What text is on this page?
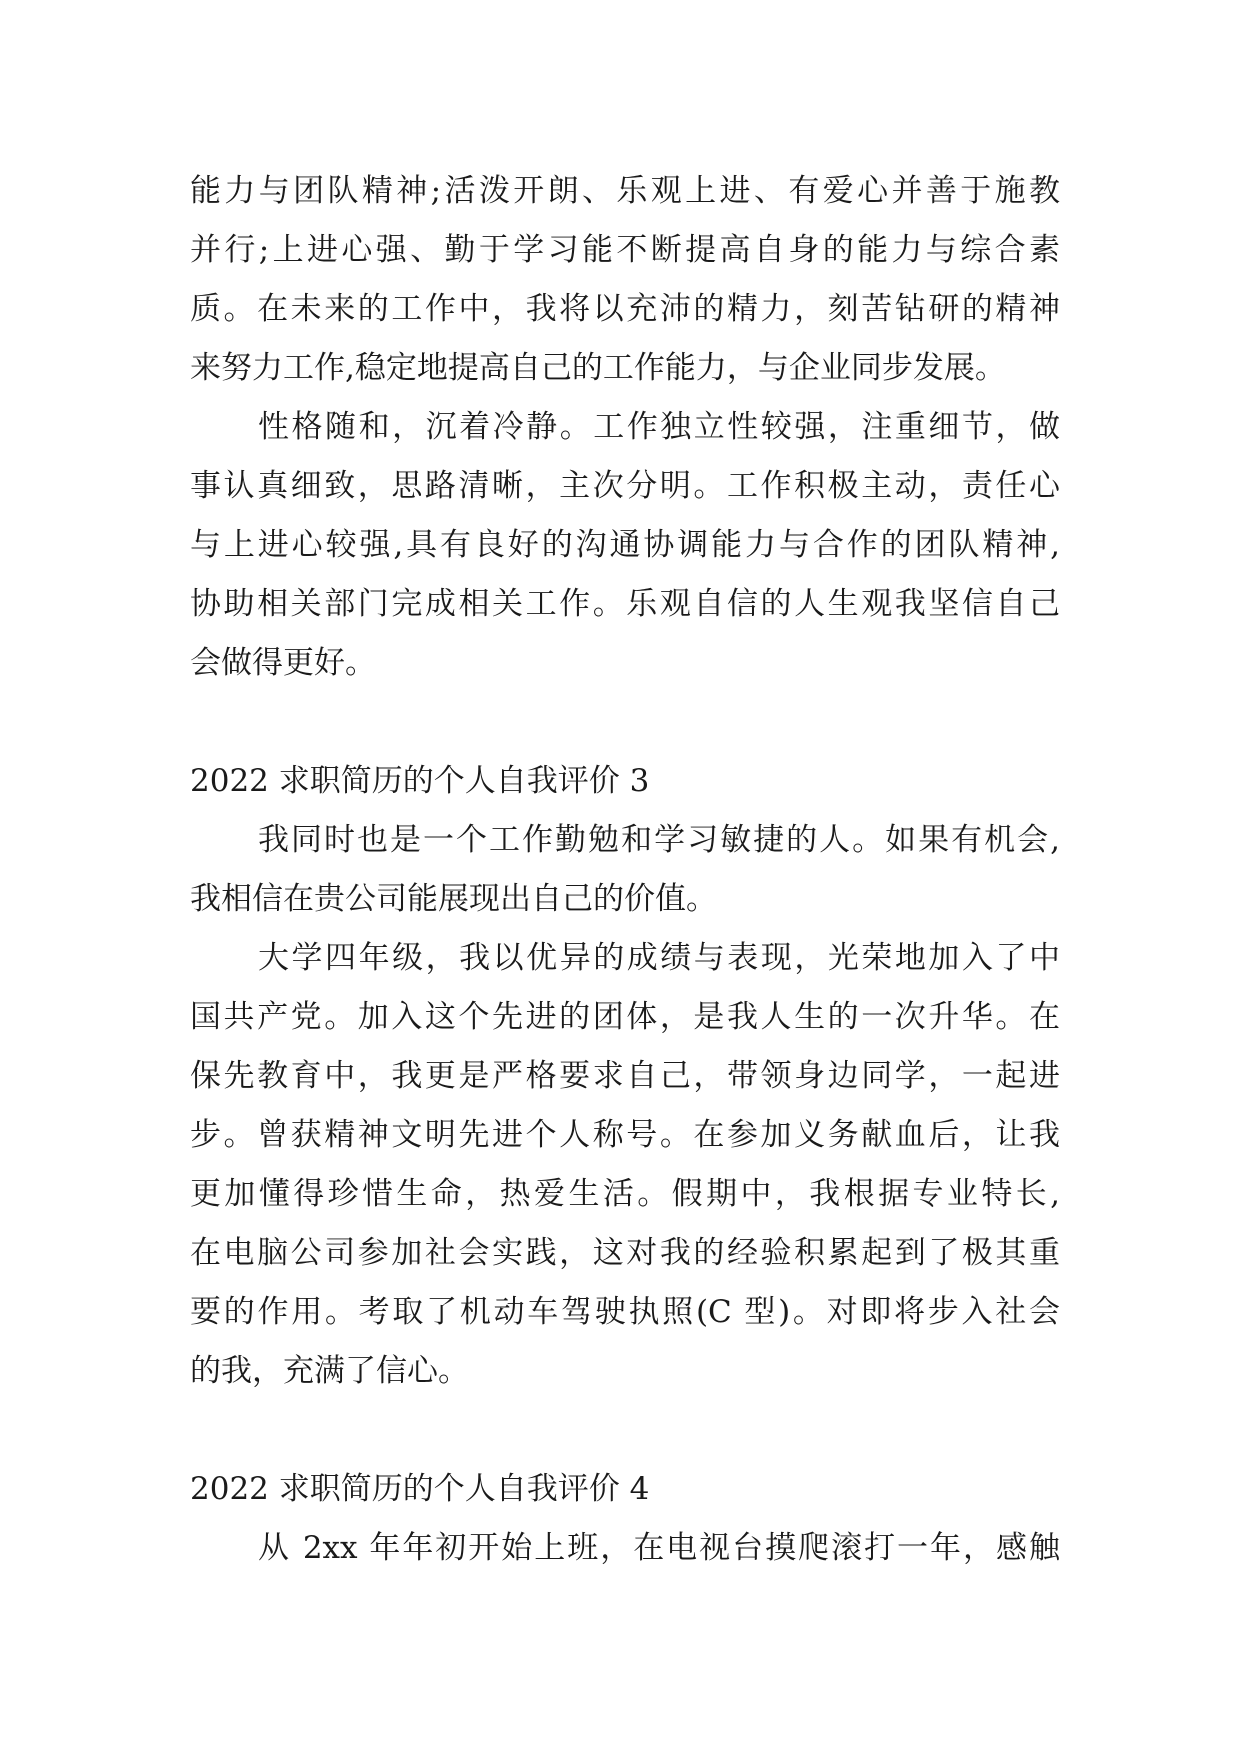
能力与团队精神;活泼开朗、乐观上进、有爱心并善于施教
并行;上进心强、勤于学习能不断提高自身的能力与综合素
质。在未来的工作中，我将以充沛的精力，刻苦钻研的精神
来努力工作,稳定地提高自己的工作能力，与企业同步发展。
性格随和，沉着冷静。工作独立性较强，注重细节，做
事认真细致，思路清晰，主次分明。工作积极主动，责任心
与上进心较强,具有良好的沟通协调能力与合作的团队精神,
协助相关部门完成相关工作。乐观自信的人生观我坚信自己
会做得更好。
2022 求职简历的个人自我评价 3
我同时也是一个工作勤勉和学习敏捷的人。如果有机会,
我相信在贵公司能展现出自己的价值。
大学四年级，我以优异的成绩与表现，光荣地加入了中
国共产党。加入这个先进的团体，是我人生的一次升华。在
保先教育中，我更是严格要求自己，带领身边同学，一起进
步。曾获精神文明先进个人称号。在参加义务献血后，让我
更加懂得珍惜生命，热爱生活。假期中，我根据专业特长,
在电脑公司参加社会实践，这对我的经验积累起到了极其重
要的作用。考取了机动车驾驶执照(C 型)。对即将步入社会
的我，充满了信心。
2022 求职简历的个人自我评价 4
从 2xx 年年初开始上班，在电视台摸爬滚打一年，感触
